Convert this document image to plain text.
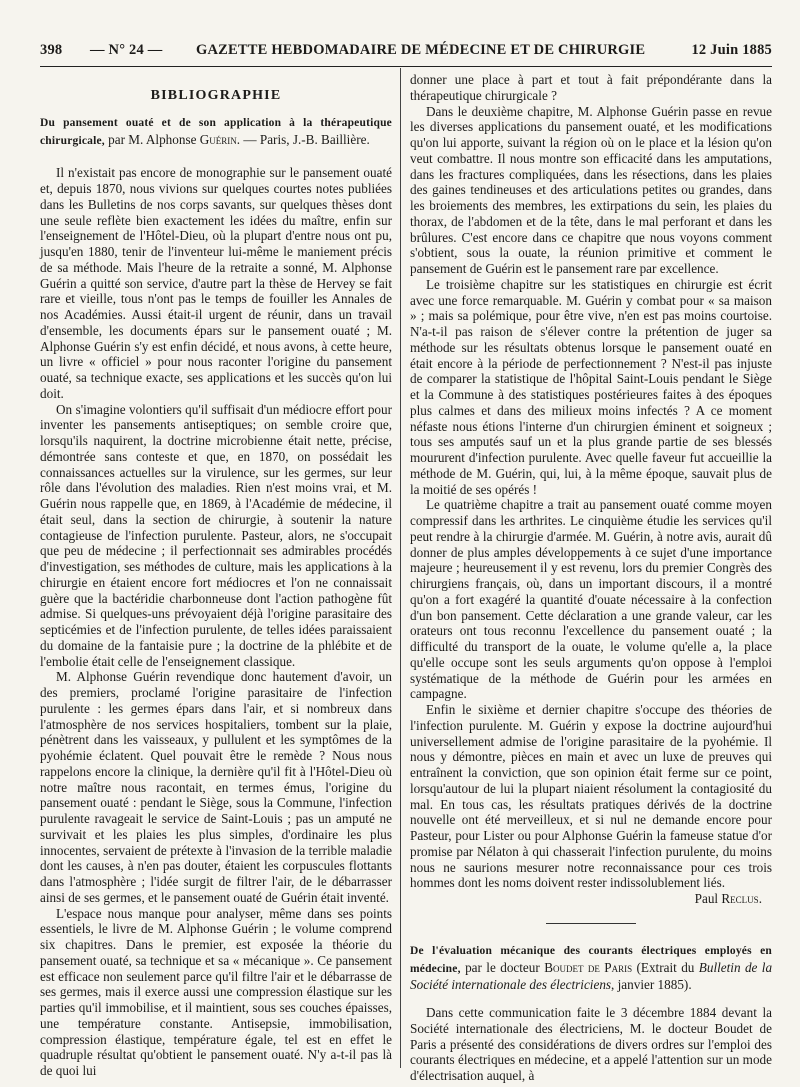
398 — N° 24 — GAZETTE HEBDOMADAIRE DE MÉDECINE ET DE CHIRURGIE	12 Juin 1885
BIBLIOGRAPHIE
Du pansement ouaté et de son application à la thérapeutique chirurgicale, par M. Alphonse Guérin. — Paris, J.-B. Baillière.

Il n'existait pas encore de monographie sur le pansement ouaté et, depuis 1870, nous vivions sur quelques courtes notes publiées dans les Bulletins de nos corps savants, sur quelques thèses dont une seule reflète bien exactement les idées du maître, enfin sur l'enseignement de l'Hôtel-Dieu, où la plupart d'entre nous ont pu, jusqu'en 1880, tenir de l'inventeur lui-même le maniement précis de sa méthode. Mais l'heure de la retraite a sonné, M. Alphonse Guérin a quitté son service, d'autre part la thèse de Hervey se fait rare et vieille, tous n'ont pas le temps de fouiller les Annales de nos Académies. Aussi était-il urgent de réunir, dans un travail d'ensemble, les documents épars sur le pansement ouaté ; M. Alphonse Guérin s'y est enfin décidé, et nous avons, à cette heure, un livre « officiel » pour nous raconter l'origine du pansement ouaté, sa technique exacte, ses applications et les succès qu'on lui doit.

On s'imagine volontiers qu'il suffisait d'un médiocre effort pour inventer les pansements antiseptiques; on semble croire que, lorsqu'ils naquirent, la doctrine microbienne était nette, précise, démontrée sans conteste et que, en 1870, on possédait les connaissances actuelles sur la virulence, sur les germes, sur leur rôle dans l'évolution des maladies. Rien n'est moins vrai, et M. Guérin nous rappelle que, en 1869, à l'Académie de médecine, il était seul, dans la section de chirurgie, à soutenir la nature contagieuse de l'infection purulente. Pasteur, alors, ne s'occupait que peu de médecine ; il perfectionnait ses admirables procédés d'investigation, ses méthodes de culture, mais les applications à la chirurgie en étaient encore fort médiocres et l'on ne connaissait guère que la bactéridie charbonneuse dont l'action pathogène fût admise. Si quelques-uns prévoyaient déjà l'origine parasitaire des septicémies et de l'infection purulente, de telles idées paraissaient du domaine de la fantaisie pure ; la doctrine de la phlébite et de l'embolie était celle de l'enseignement classique.

M. Alphonse Guérin revendique donc hautement d'avoir, un des premiers, proclamé l'origine parasitaire de l'infection purulente : les germes épars dans l'air, et si nombreux dans l'atmosphère de nos services hospitaliers, tombent sur la plaie, pénètrent dans les vaisseaux, y pullulent et les symptômes de la pyohémie éclatent. Quel pouvait être le remède ? Nous nous rappelons encore la clinique, la dernière qu'il fit à l'Hôtel-Dieu où notre maître nous racontait, en termes émus, l'origine du pansement ouaté : pendant le Siège, sous la Commune, l'infection purulente ravageait le service de Saint-Louis ; pas un amputé ne survivait et les plaies les plus simples, d'ordinaire les plus innocentes, servaient de prétexte à l'invasion de la terrible maladie dont les causes, à n'en pas douter, étaient les corpuscules flottants dans l'atmosphère ; l'idée surgit de filtrer l'air, de le débarrasser ainsi de ses germes, et le pansement ouaté de Guérin était inventé.

L'espace nous manque pour analyser, même dans ses points essentiels, le livre de M. Alphonse Guérin ; le volume comprend six chapitres. Dans le premier, est exposée la théorie du pansement ouaté, sa technique et sa « mécanique ». Ce pansement est efficace non seulement parce qu'il filtre l'air et le débarrasse de ses germes, mais il exerce aussi une compression élastique sur les parties qu'il immobilise, et il maintient, sous ses couches épaisses, une température constante. Antisepsie, immobilisation, compression élastique, température égale, tel est en effet le quadruple résultat qu'obtient le pansement ouaté. N'y a-t-il pas là de quoi lui

donner une place à part et tout à fait prépondérante dans la thérapeutique chirurgicale ?

Dans le deuxième chapitre, M. Alphonse Guérin passe en revue les diverses applications du pansement ouaté, et les modifications qu'on lui apporte, suivant la région où on le place et la lésion qu'on veut combattre. Il nous montre son efficacité dans les amputations, dans les fractures compliquées, dans les résections, dans les plaies des gaines tendineuses et des articulations petites ou grandes, dans les broiements des membres, les extirpations du sein, les plaies du thorax, de l'abdomen et de la tête, dans le mal perforant et dans les brûlures. C'est encore dans ce chapitre que nous voyons comment s'obtient, sous la ouate, la réunion primitive et comment le pansement de Guérin est le pansement rare par excellence.

Le troisième chapitre sur les statistiques en chirurgie est écrit avec une force remarquable. M. Guérin y combat pour « sa maison » ; mais sa polémique, pour être vive, n'en est pas moins courtoise. N'a-t-il pas raison de s'élever contre la prétention de juger sa méthode sur les résultats obtenus lorsque le pansement ouaté en était encore à la période de perfectionnement ? N'est-il pas injuste de comparer la statistique de l'hôpital Saint-Louis pendant le Siège et la Commune à des statistiques postérieures faites à des époques plus calmes et dans des milieux moins infectés ? A ce moment néfaste nous étions l'interne d'un chirurgien éminent et soigneux ; tous ses amputés sauf un et la plus grande partie de ses blessés moururent d'infection purulente. Avec quelle faveur fut accueillie la méthode de M. Guérin, qui, lui, à la même époque, sauvait plus de la moitié de ses opérés !

Le quatrième chapitre a trait au pansement ouaté comme moyen compressif dans les arthrites. Le cinquième étudie les services qu'il peut rendre à la chirurgie d'armée. M. Guérin, à notre avis, aurait dû donner de plus amples développements à ce sujet d'une importance majeure ; heureusement il y est revenu, lors du premier Congrès des chirurgiens français, où, dans un important discours, il a montré qu'on a fort exagéré la quantité d'ouate nécessaire à la confection d'un bon pansement. Cette déclaration a une grande valeur, car les orateurs ont tous reconnu l'excellence du pansement ouaté ; la difficulté du transport de la ouate, le volume qu'elle a, la place qu'elle occupe sont les seuls arguments qu'on oppose à l'emploi systématique de la méthode de Guérin pour les armées en campagne.

Enfin le sixième et dernier chapitre s'occupe des théories de l'infection purulente. M. Guérin y expose la doctrine aujourd'hui universellement admise de l'origine parasitaire de la pyohémie. Il nous y démontre, pièces en main et avec un luxe de preuves qui entraînent la conviction, que son opinion était ferme sur ce point, lorsqu'autour de lui la plupart niaient résolument la contagiosité du mal. En tous cas, les résultats pratiques dérivés de la doctrine nouvelle ont été merveilleux, et si nul ne demande encore pour Pasteur, pour Lister ou pour Alphonse Guérin la fameuse statue d'or promise par Nélaton à qui chasserait l'infection purulente, du moins nous ne saurions mesurer notre reconnaissance pour ces trois hommes dont les noms doivent rester indissolublement liés.

Paul Reclus.
De l'évaluation mécanique des courants électriques employés en médecine, par le docteur Boudet de Paris (Extrait du Bulletin de la Société internationale des électriciens, janvier 1885).

Dans cette communication faite le 3 décembre 1884 devant la Société internationale des électriciens, M. le docteur Boudet de Paris a présenté des considérations de divers ordres sur l'emploi des courants électriques en médecine, et a appelé l'attention sur un mode d'électrisation auquel, à
